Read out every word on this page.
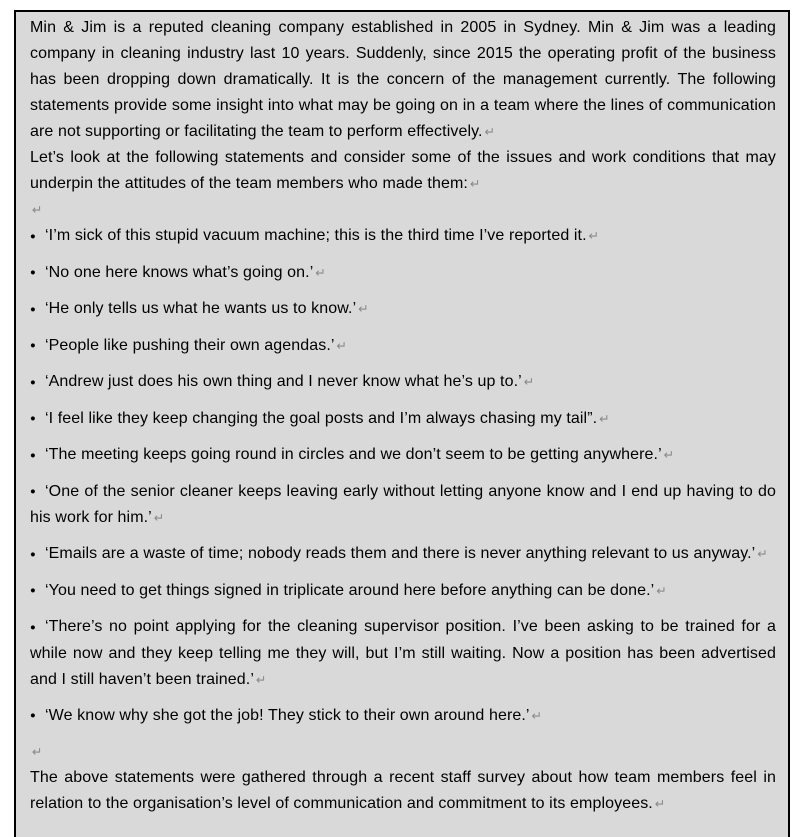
Min & Jim is a reputed cleaning company established in 2005 in Sydney. Min & Jim was a leading company in cleaning industry last 10 years. Suddenly, since 2015 the operating profit of the business has been dropping down dramatically. It is the concern of the management currently. The following statements provide some insight into what may be going on in a team where the lines of communication are not supporting or facilitating the team to perform effectively. ↵

Let’s look at the following statements and consider some of the issues and work conditions that may underpin the attitudes of the team members who made them: ↵

↵

● ‘I’m sick of this stupid vacuum machine; this is the third time I’ve reported it. ↵

● ‘No one here knows what’s going on.’ ↵

● ‘He only tells us what he wants us to know.’ ↵

● ‘People like pushing their own agendas.’ ↵

● ‘Andrew just does his own thing and I never know what he’s up to.’ ↵

● ‘I feel like they keep changing the goal posts and I’m always chasing my tail”. ↵

● ‘The meeting keeps going round in circles and we don’t seem to be getting anywhere.’ ↵

● ‘One of the senior cleaner keeps leaving early without letting anyone know and I end up having to do his work for him.’ ↵

● ‘Emails are a waste of time; nobody reads them and there is never anything relevant to us anyway.’ ↵

● ‘You need to get things signed in triplicate around here before anything can be done.’ ↵

● ‘There’s no point applying for the cleaning supervisor position. I’ve been asking to be trained for a while now and they keep telling me they will, but I’m still waiting. Now a position has been advertised and I still haven’t been trained.’ ↵

● ‘We know why she got the job! They stick to their own around here.’ ↵

↵

The above statements were gathered through a recent staff survey about how team members feel in relation to the organisation’s level of communication and commitment to its employees. ↵
